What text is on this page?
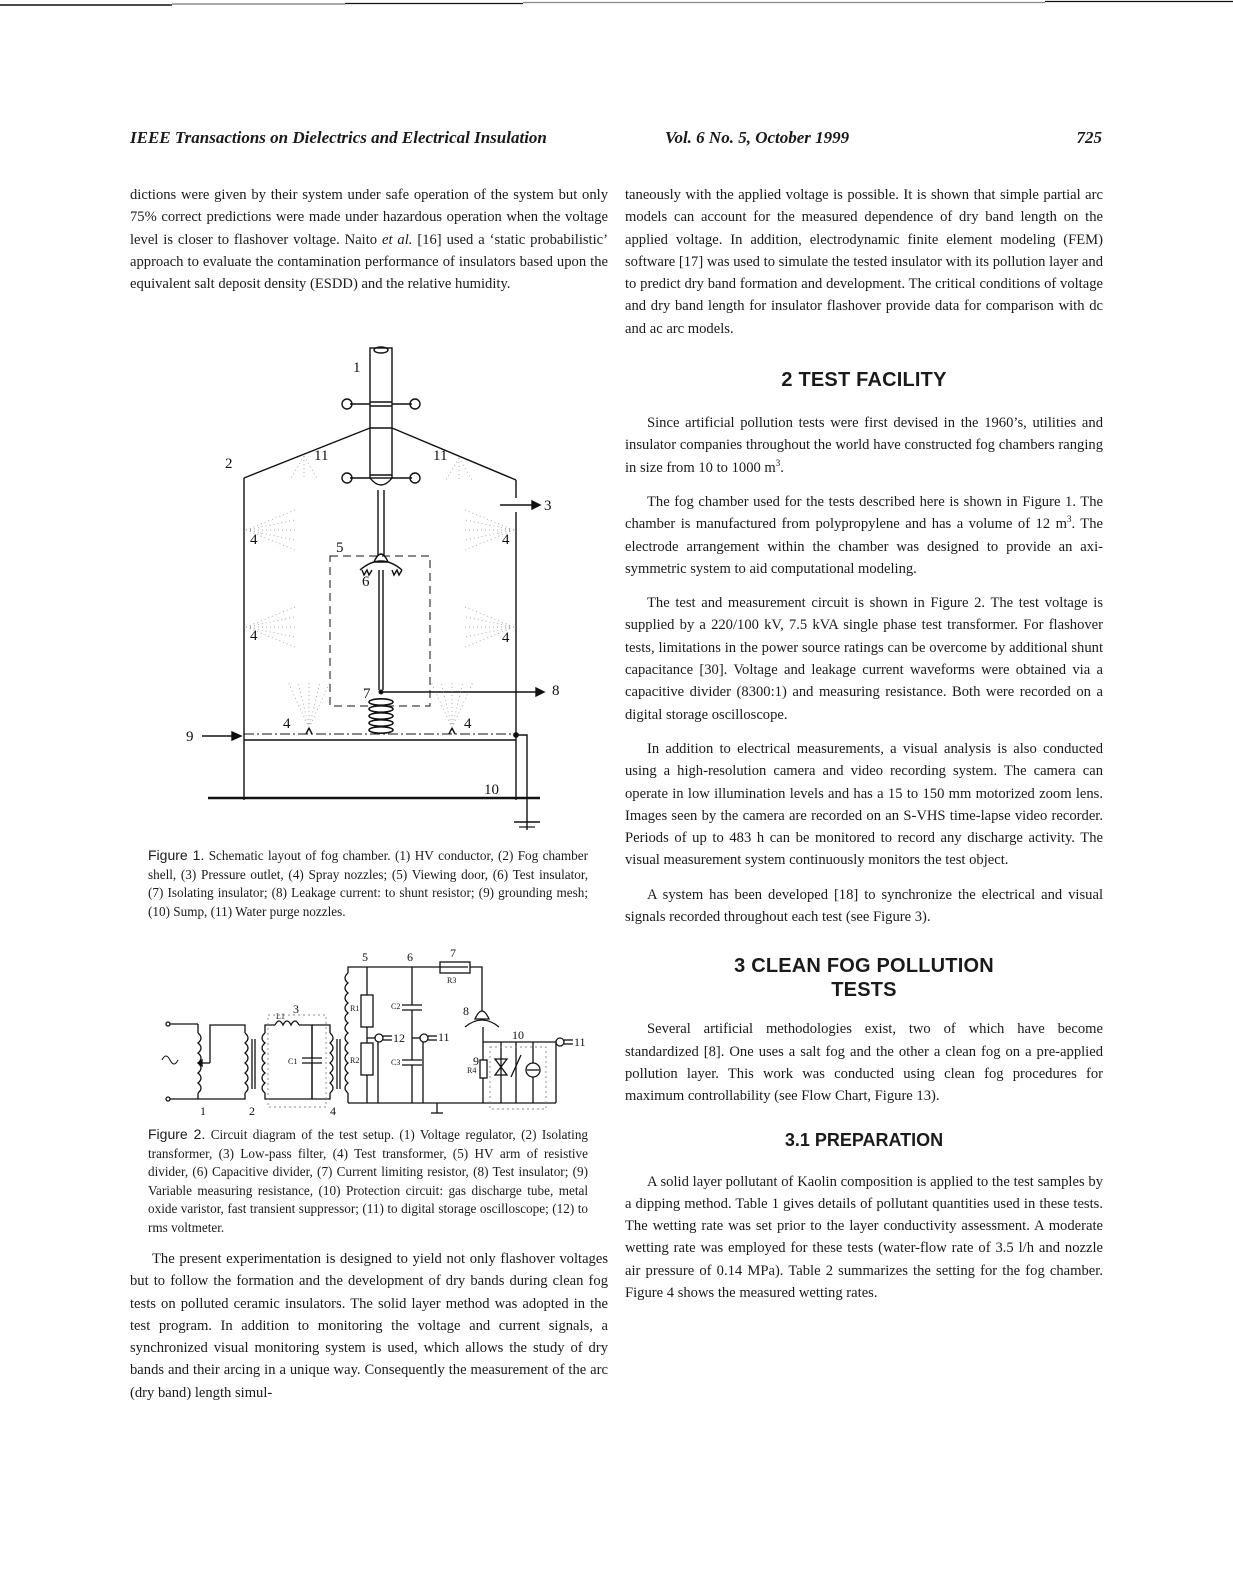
IEEE Transactions on Dielectrics and Electrical Insulation	Vol. 6 No. 5, October 1999	725

dictions were given by their system under safe operation of the system but only 75% correct predictions were made under hazardous operation when the voltage level is closer to flashover voltage. Naito et al. [16] used a ‘static probabilistic’ approach to evaluate the contamination performance of insulators based upon the equivalent salt deposit density (ESDD) and the relative humidity.

1
2
3
4	4
4	4
4	4
5
6
7	8
9
10
11	11
Figure 1. Schematic layout of fog chamber. (1) HV conductor, (2) Fog chamber shell, (3) Pressure outlet, (4) Spray nozzles; (5) Viewing door, (6) Test insulator, (7) Isolating insulator; (8) Leakage current: to shunt resistor; (9) grounding mesh; (10) Sump, (11) Water purge nozzles.
1	2
3
4
5	6	7
8
9
10
11	11
12
L1
C1
R1
R2
C2
C3
R3
R4
Figure 2. Circuit diagram of the test setup. (1) Voltage regulator, (2) Isolating transformer, (3) Low-pass filter, (4) Test transformer, (5) HV arm of resistive divider, (6) Capacitive divider, (7) Current limiting resistor, (8) Test insulator; (9) Variable measuring resistance, (10) Protection circuit: gas discharge tube, metal oxide varistor, fast transient suppressor; (11) to digital storage oscilloscope; (12) to rms voltmeter.

The present experimentation is designed to yield not only flashover voltages but to follow the formation and the development of dry bands during clean fog tests on polluted ceramic insulators. The solid layer method was adopted in the test program. In addition to monitoring the voltage and current signals, a synchronized visual monitoring system is used, which allows the study of dry bands and their arcing in a unique way. Consequently the measurement of the arc (dry band) length simul-

taneously with the applied voltage is possible. It is shown that simple partial arc models can account for the measured dependence of dry band length on the applied voltage. In addition, electrodynamic finite element modeling (FEM) software [17] was used to simulate the tested insulator with its pollution layer and to predict dry band formation and development. The critical conditions of voltage and dry band length for insulator flashover provide data for comparison with dc and ac arc models.

2 TEST FACILITY

Since artificial pollution tests were first devised in the 1960’s, utilities and insulator companies throughout the world have constructed fog chambers ranging in size from 10 to 1000 $m^3$.

The fog chamber used for the tests described here is shown in Figure 1. The chamber is manufactured from polypropylene and has a volume of 12 $m^3$. The electrode arrangement within the chamber was designed to provide an axi-symmetric system to aid computational modeling.

The test and measurement circuit is shown in Figure 2. The test voltage is supplied by a 220/100 kV, 7.5 kVA single phase test transformer. For flashover tests, limitations in the power source ratings can be overcome by additional shunt capacitance [30]. Voltage and leakage current waveforms were obtained via a capacitive divider (8300:1) and measuring resistance. Both were recorded on a digital storage oscilloscope.

In addition to electrical measurements, a visual analysis is also conducted using a high-resolution camera and video recording system. The camera can operate in low illumination levels and has a 15 to 150 mm motorized zoom lens. Images seen by the camera are recorded on an S-VHS time-lapse video recorder. Periods of up to 483 h can be monitored to record any discharge activity. The visual measurement system continuously monitors the test object.

A system has been developed [18] to synchronize the electrical and visual signals recorded throughout each test (see Figure 3).

3 CLEAN FOG POLLUTION
TESTS

Several artificial methodologies exist, two of which have become standardized [8]. One uses a salt fog and the other a clean fog on a pre-applied pollution layer. This work was conducted using clean fog procedures for maximum controllability (see Flow Chart, Figure 13).

3.1 PREPARATION

A solid layer pollutant of Kaolin composition is applied to the test samples by a dipping method. Table 1 gives details of pollutant quantities used in these tests. The wetting rate was set prior to the layer conductivity assessment. A moderate wetting rate was employed for these tests (water-flow rate of 3.5 l/h and nozzle air pressure of 0.14 MPa). Table 2 summarizes the setting for the fog chamber. Figure 4 shows the measured wetting rates.
